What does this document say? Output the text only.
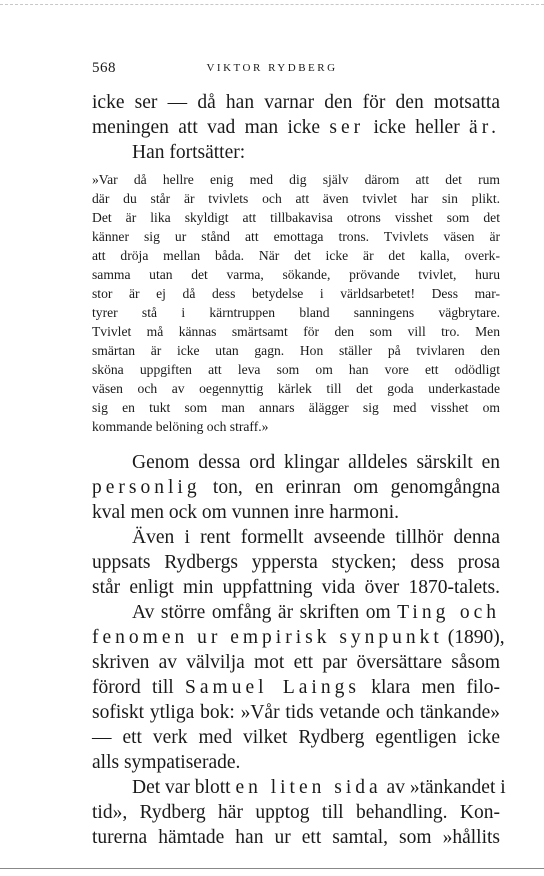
568	VIKTOR RYDBERG
icke ser — då han varnar den för den motsatta
meningen att vad man icke ser icke heller är.
Han fortsätter:
»Var då hellre enig med dig själv därom att det rum
där du står är tvivlets och att även tvivlet har sin plikt.
Det är lika skyldigt att tillbakavisa otrons visshet som det
känner sig ur stånd att emottaga trons. Tvivlets väsen är
att dröja mellan båda. När det icke är det kalla, overk-
samma utan det varma, sökande, prövande tvivlet, huru
stor är ej då dess betydelse i världsarbetet! Dess mar-
tyrer stå i kärntruppen bland sanningens vägbrytare.
Tvivlet må kännas smärtsamt för den som vill tro. Men
smärtan är icke utan gagn. Hon ställer på tvivlaren den
sköna uppgiften att leva som om han vore ett odödligt
väsen och av oegennyttig kärlek till det goda underkastade
sig en tukt som man annars älägger sig med visshet om
kommande belöning och straff.»
Genom dessa ord klingar alldeles särskilt en
personlig ton, en erinran om genomgångna
kval men ock om vunnen inre harmoni.
Även i rent formellt avseende tillhör denna
uppsats Rydbergs yppersta stycken; dess prosa
står enligt min uppfattning vida över 1870-talets.
Av större omfång är skriften om Ting och
fenomen ur empirisk synpunkt (1890),
skriven av välvilja mot ett par översättare såsom
förord till Samuel Laings klara men filo-
sofiskt ytliga bok: »Vår tids vetande och tänkande»
— ett verk med vilket Rydberg egentligen icke
alls sympatiserade.
Det var blott en liten sida av »tänkandet i
tid», Rydberg här upptog till behandling. Kon-
turerna hämtade han ur ett samtal, som »hållits
